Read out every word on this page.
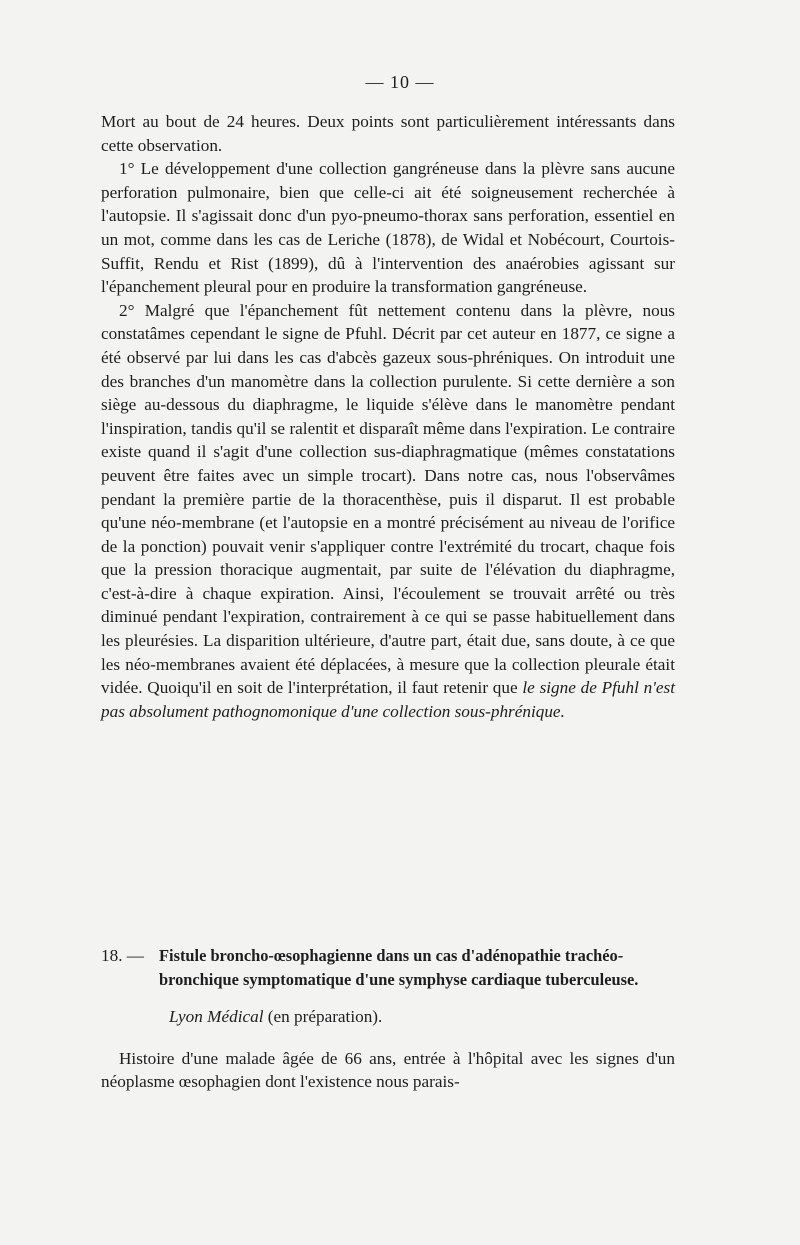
— 10 —

Mort au bout de 24 heures. Deux points sont particulièrement intéressants dans cette observation.

1° Le développement d'une collection gangréneuse dans la plèvre sans aucune perforation pulmonaire, bien que celle-ci ait été soigneusement recherchée à l'autopsie. Il s'agissait donc d'un pyo-pneumo-thorax sans perforation, essentiel en un mot, comme dans les cas de Leriche (1878), de Widal et Nobécourt, Courtois-Suffit, Rendu et Rist (1899), dû à l'intervention des anaérobies agissant sur l'épanchement pleural pour en produire la transformation gangréneuse.

2° Malgré que l'épanchement fût nettement contenu dans la plèvre, nous constatâmes cependant le signe de Pfuhl. Décrit par cet auteur en 1877, ce signe a été observé par lui dans les cas d'abcès gazeux sous-phréniques. On introduit une des branches d'un manomètre dans la collection purulente. Si cette dernière a son siège au-dessous du diaphragme, le liquide s'élève dans le manomètre pendant l'inspiration, tandis qu'il se ralentit et disparaît même dans l'expiration. Le contraire existe quand il s'agit d'une collection sus-diaphragmatique (mêmes constatations peuvent être faites avec un simple trocart). Dans notre cas, nous l'observâmes pendant la première partie de la thoracenthèse, puis il disparut. Il est probable qu'une néo-membrane (et l'autopsie en a montré précisément au niveau de l'orifice de la ponction) pouvait venir s'appliquer contre l'extrémité du trocart, chaque fois que la pression thoracique augmentait, par suite de l'élévation du diaphragme, c'est-à-dire à chaque expiration. Ainsi, l'écoulement se trouvait arrêté ou très diminué pendant l'expiration, contrairement à ce qui se passe habituellement dans les pleurésies. La disparition ultérieure, d'autre part, était due, sans doute, à ce que les néo-membranes avaient été déplacées, à mesure que la collection pleurale était vidée. Quoiqu'il en soit de l'interprétation, il faut retenir que le signe de Pfuhl n'est pas absolument pathognomonique d'une collection sous-phrénique.

18. — Fistule broncho-œsophagienne dans un cas d'adénopathie trachéo-bronchique symptomatique d'une symphyse cardiaque tuberculeuse.
Lyon Médical (en préparation).

Histoire d'une malade âgée de 66 ans, entrée à l'hôpital avec les signes d'un néoplasme œsophagien dont l'existence nous parais-
